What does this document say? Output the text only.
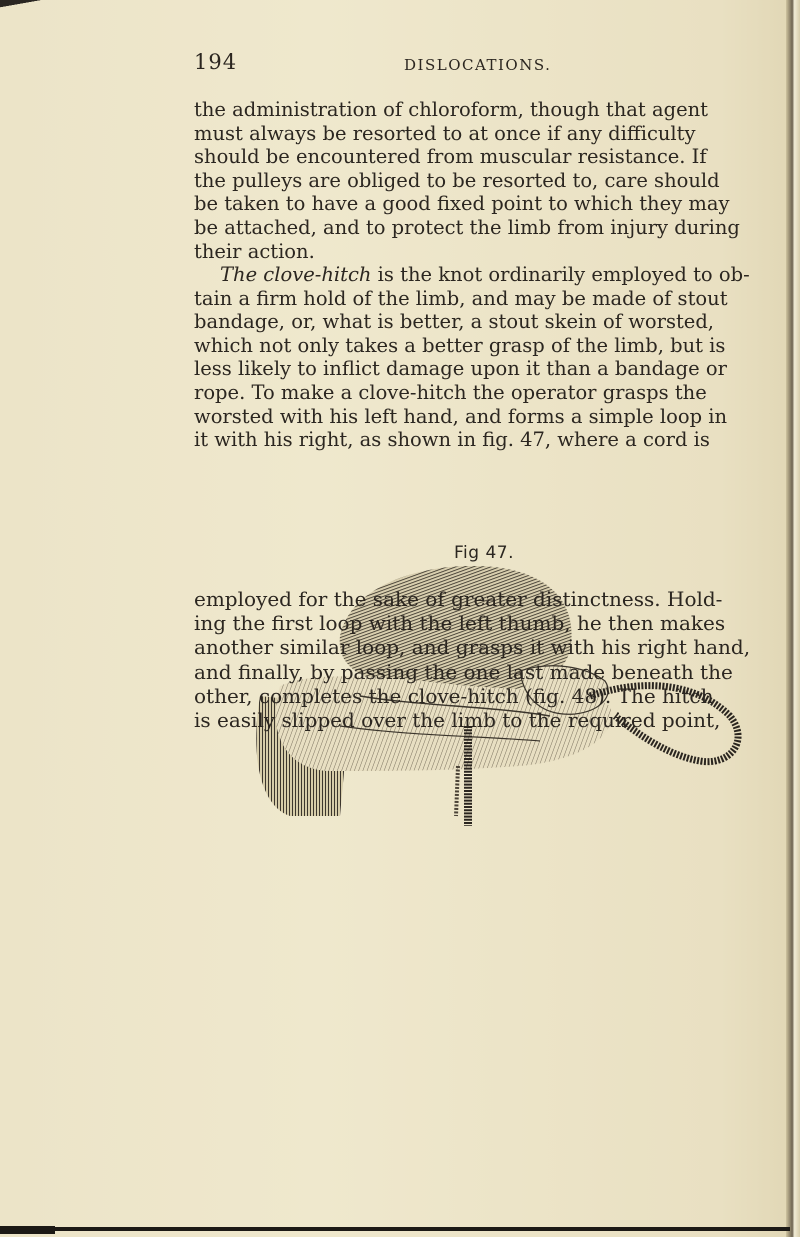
194	DISLOCATIONS.
the administration of chloroform, though that agent
must always be resorted to at once if any difficulty
should be encountered from muscular resistance. If
the pulleys are obliged to be resorted to, care should
be taken to have a good fixed point to which they may
be attached, and to protect the limb from injury during
their action.
The clove-hitch is the knot ordinarily employed to ob-
tain a firm hold of the limb, and may be made of stout
bandage, or, what is better, a stout skein of worsted,
which not only takes a better grasp of the limb, but is
less likely to inflict damage upon it than a bandage or
rope. To make a clove-hitch the operator grasps the
worsted with his left hand, and forms a simple loop in
it with his right, as shown in fig. 47, where a cord is
Fig 47.
employed for the sake of greater distinctness. Hold-
ing the first loop with the left thumb, he then makes
another similar loop, and grasps it with his right hand,
and finally, by passing the one last made beneath the
other, completes the clove-hitch (fig. 48). The hitch
is easily slipped over the limb to the required point,
